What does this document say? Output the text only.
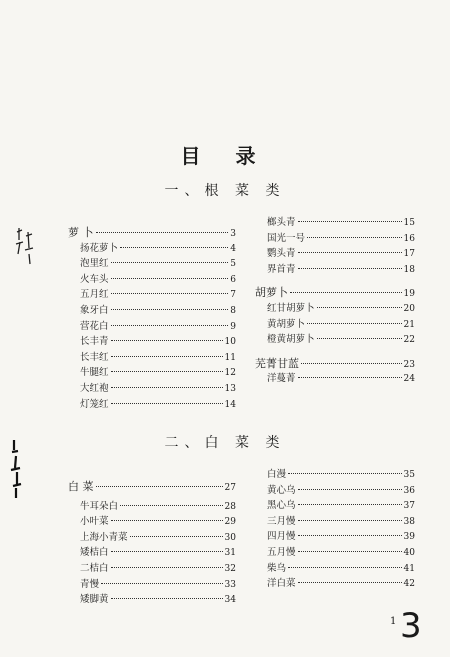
目 录
一、根 菜 类
萝 卜	3
扬花萝卜	4
泡里红	5
火车头	6
五月红	7
象牙白	8
营花白	9
长丰青	10
长丰红	11
牛腿红	12
大红袍	13
灯笼红	14
榔头青	15
国光一号	16
鹦头青	17
界首青	18
胡萝卜	19
红甘胡萝卜	20
黄胡萝卜	21
橙黄胡萝卜	22
芜菁甘蓝	23
洋蔓菁	24
二、白 菜 类
白 菜	27
牛耳朵白	28
小叶菜	29
上海小青菜	30
矮桔白	31
二桔白	32
青慢	33
矮脚黄	34
白漫	35
黄心乌	36
黑心乌	37
三月慢	38
四月慢	39
五月慢	40
柴乌	41
洋白菜	42
1 3
